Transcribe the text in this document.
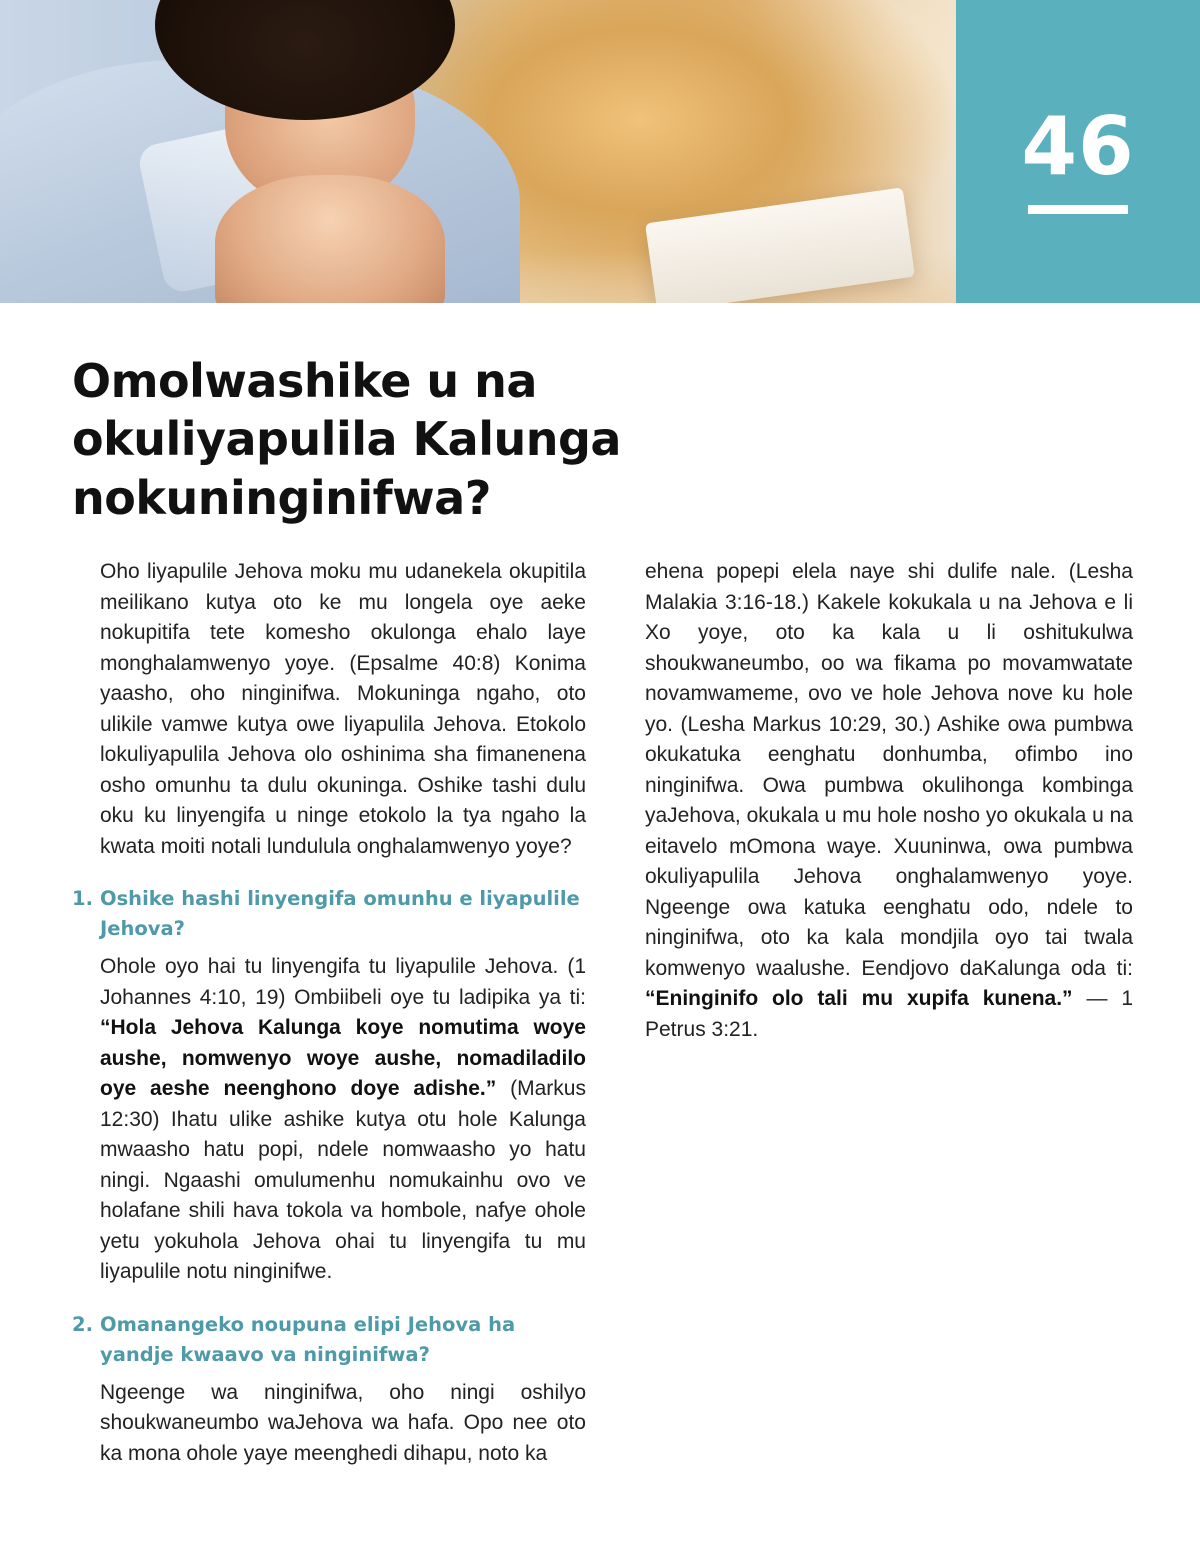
46
Omolwashike u na okuliyapulila Kalunga nokuninginifwa?

Oho liyapulile Jehova moku mu udanekela okupitila meilikano kutya oto ke mu longela oye aeke nokupitifa tete komesho okulonga ehalo laye monghalamwenyo yoye. (Epsalme 40:8) Konima yaasho, oho ninginifwa. Mokuninga ngaho, oto ulikile vamwe kutya owe liyapulila Jehova. Etokolo lokuliyapulila Jehova olo oshinima sha fimanenena osho omunhu ta dulu okuninga. Oshike tashi dulu oku ku linyengifa u ninge etokolo la tya ngaho la kwata moiti notali lundulula onghalamwenyo yoye?

1. Oshike hashi linyengifa omunhu e liyapulile Jehova?

Ohole oyo hai tu linyengifa tu liyapulile Jehova. (1 Johannes 4:10, 19) Ombiibeli oye tu ladipika ya ti: “Hola Jehova Kalunga koye nomutima woye aushe, nomwenyo woye aushe, nomadiladilo oye aeshe neenghono doye adishe.” (Markus 12:30) Ihatu ulike ashike kutya otu hole Kalunga mwaasho hatu popi, ndele nomwaasho yo hatu ningi. Ngaashi omulumenhu nomukainhu ovo ve holafane shili hava tokola va hombole, nafye ohole yetu yokuhola Jehova ohai tu linyengifa tu mu liyapulile notu ninginifwe.

2. Omanangeko noupuna elipi Jehova ha yandje kwaavo va ninginifwa?

Ngeenge wa ninginifwa, oho ningi oshilyo shoukwaneumbo waJehova wa hafa. Opo nee oto ka mona ohole yaye meenghedi dihapu, noto ka

ehena popepi elela naye shi dulife nale. (Lesha Malakia 3:16-18.) Kakele kokukala u na Jehova e li Xo yoye, oto ka kala u li oshitukulwa shoukwaneumbo, oo wa fikama po movamwatate novamwameme, ovo ve hole Jehova nove ku hole yo. (Lesha Markus 10:29, 30.) Ashike owa pumbwa okukatuka eenghatu donhumba, ofimbo ino ninginifwa. Owa pumbwa okulihonga kombinga yaJehova, okukala u mu hole nosho yo okukala u na eitavelo mOmona waye. Xuuninwa, owa pumbwa okuliyapulila Jehova onghalamwenyo yoye. Ngeenge owa katuka eenghatu odo, ndele to ninginifwa, oto ka kala mondjila oyo tai twala komwenyo waalushe. Eendjovo daKalunga oda ti: “Eninginifo olo tali mu xupifa kunena.” — 1 Petrus 3:21.
